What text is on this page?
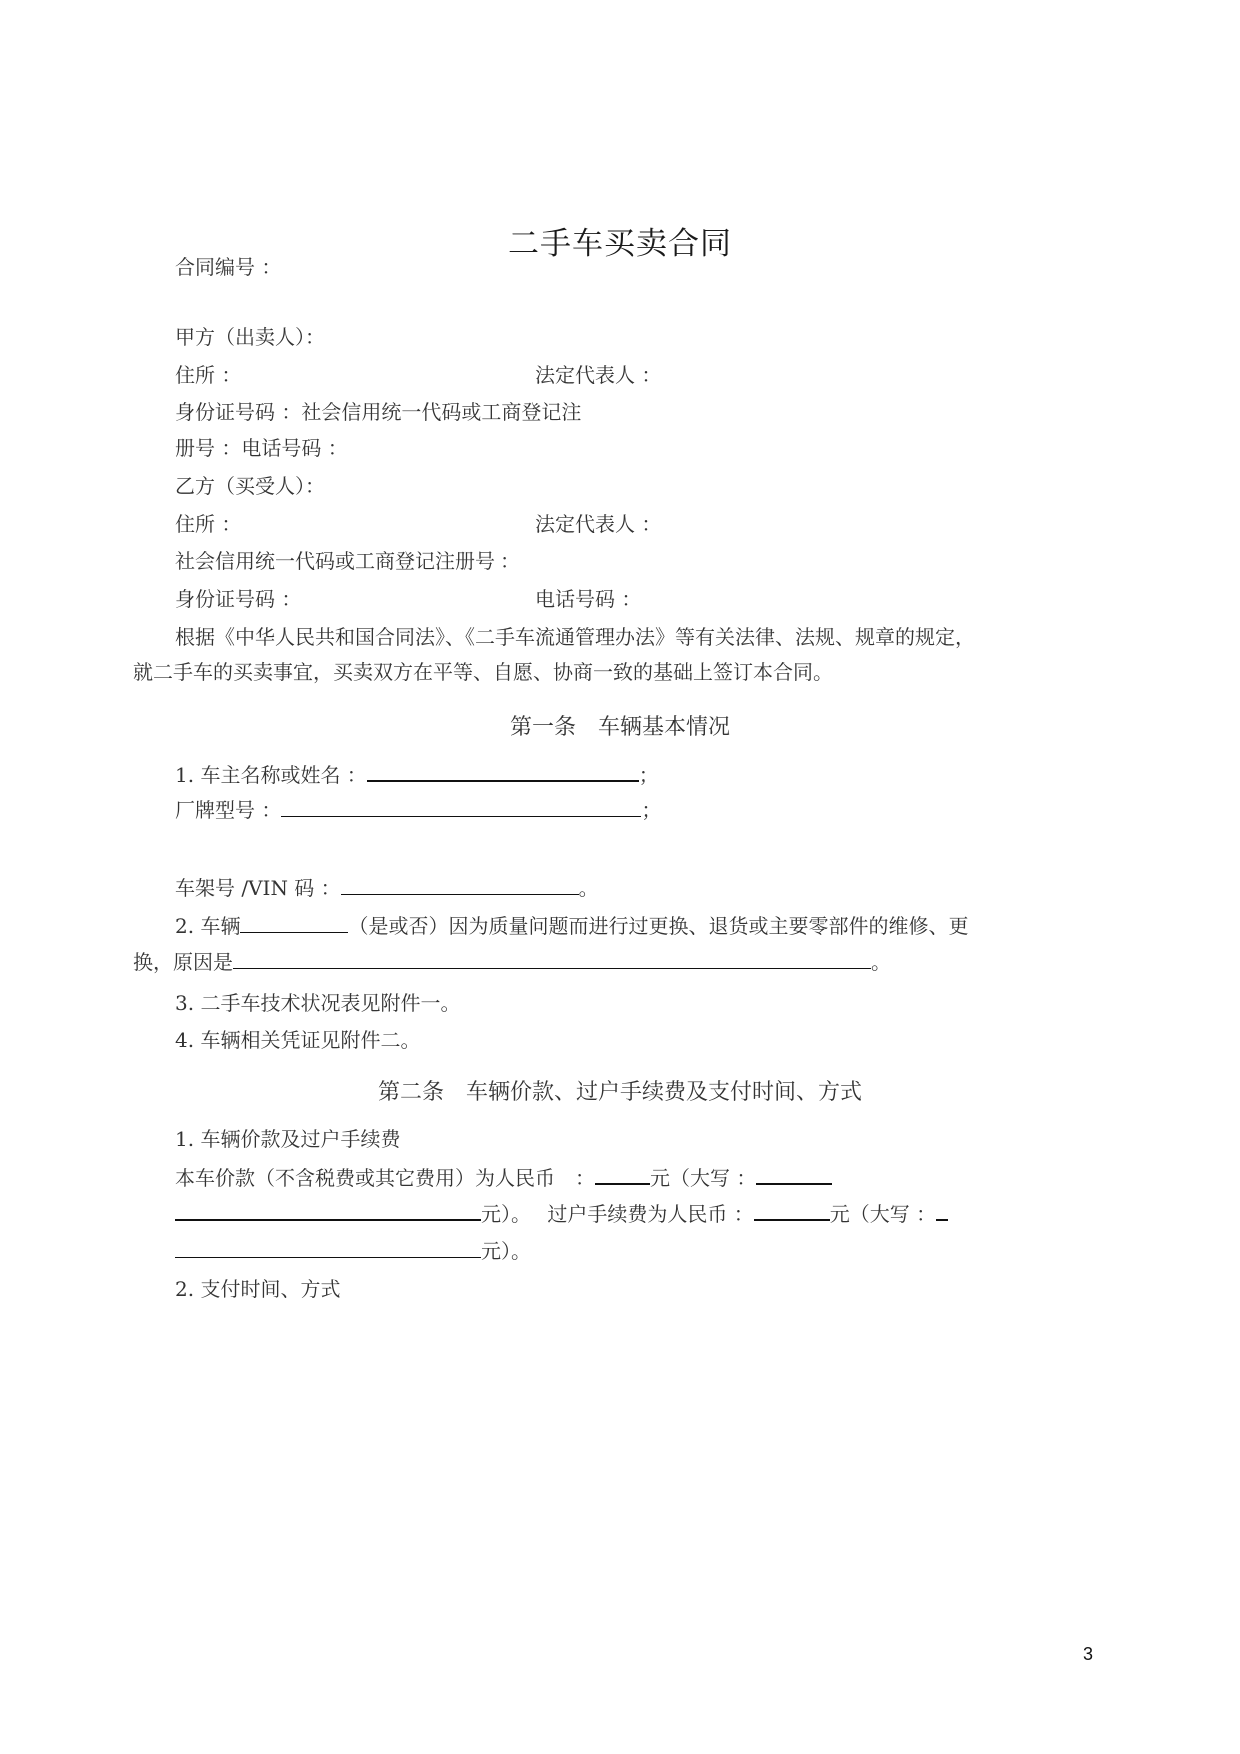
二手车买卖合同
合同编号 ：
甲方（出卖人）：
住所 ：	法定代表人 ：
身份证号码 ：社会信用统一代码或工商登记注
册号 ：电话号码 ：
乙方（买受人）：
住所 ：	法定代表人 ：
社会信用统一代码或工商登记注册号 ：
身份证号码 ：	电话号码 ：
根据《中华人民共和国合同法》、《二手车流通管理办法》等有关法律、法规、规章的规定，
就二手车的买卖事宜，买卖双方在平等、自愿、协商一致的基础上签订本合同。
第一条　车辆基本情况
1. 车主名称或姓名 ：	；
厂牌型号 ：	；
车架号 /VIN 码 ：	。
2. 车辆	（是或否）因为质量问题而进行过更换、退货或主要零部件的维修、更
换，原因是	。
3. 二手车技术状况表见附件一。
4. 车辆相关凭证见附件二。
第二条　车辆价款、过户手续费及支付时间、方式
1. 车辆价款及过户手续费
本车价款（不含税费或其它费用）为人民币　：	元（大写 ：
元）。 过户手续费为人民币 ：	元（大写 ：
元）。
2. 支付时间、方式
3
